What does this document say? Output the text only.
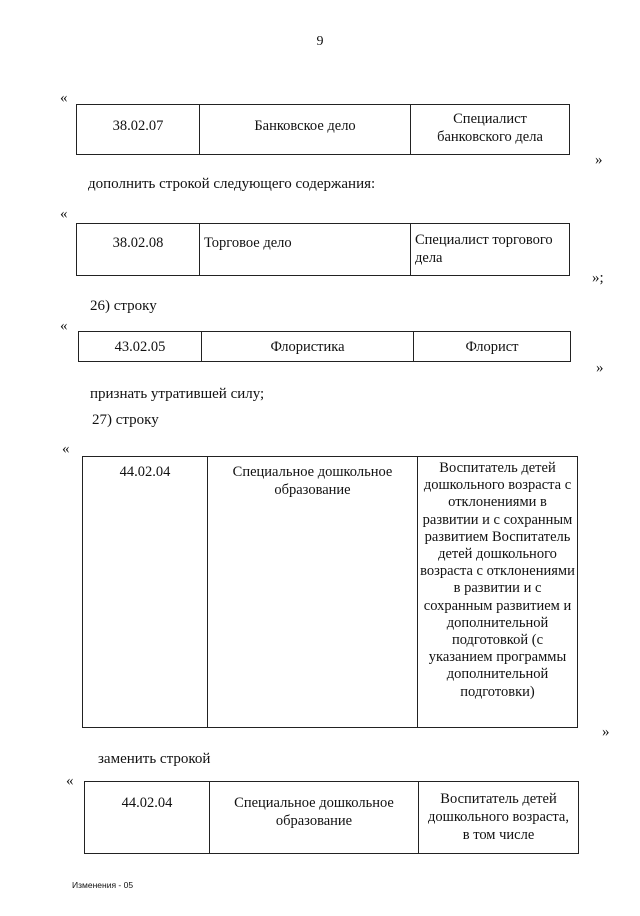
9
«
38.02.07	Банковское дело	Специалист банковского дела
»
дополнить строкой следующего содержания:
«
38.02.08	Торговое дело	Специалист торгового дела
»;
26) строку
«
43.02.05	Флористика	Флорист
»
признать утратившей силу;
27) строку
«
44.02.04	Специальное дошкольное образование	Воспитатель детей дошкольного возраста с отклонениями в развитии и с сохранным развитием Воспитатель детей дошкольного возраста с отклонениями в развитии и с сохранным развитием и дополнительной подготовкой (с указанием программы дополнительной подготовки)
»
заменить строкой
«
44.02.04	Специальное дошкольное образование	Воспитатель детей дошкольного возраста, в том числе
Изменения - 05
